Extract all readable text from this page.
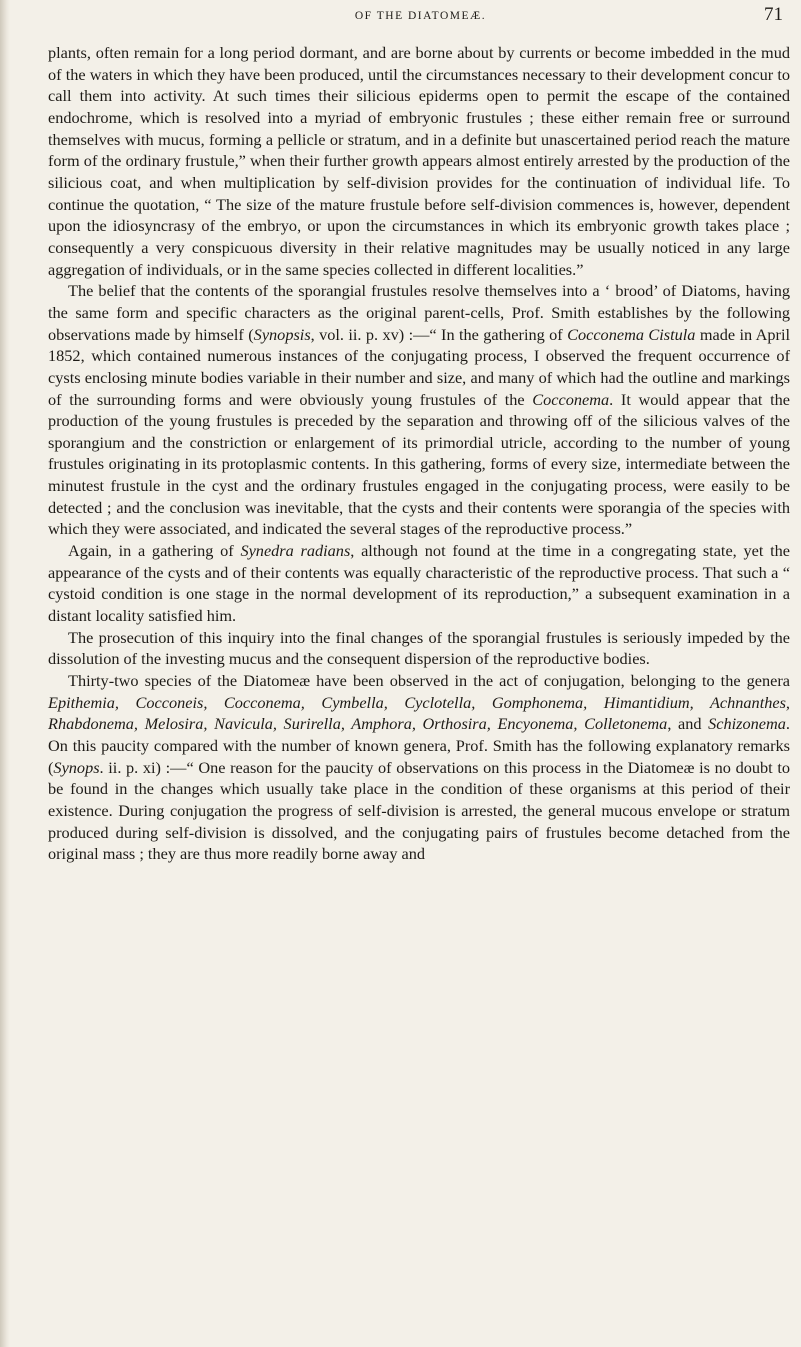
OF THE DIATOMEÆ.	71

plants, often remain for a long period dormant, and are borne about by currents or become imbedded in the mud of the waters in which they have been produced, until the circumstances necessary to their development concur to call them into activity. At such times their silicious epiderms open to permit the escape of the contained endochrome, which is resolved into a myriad of embryonic frustules ; these either remain free or surround themselves with mucus, forming a pellicle or stratum, and in a definite but unascertained period reach the mature form of the ordinary frustule,” when their further growth appears almost entirely arrested by the production of the silicious coat, and when multiplication by self-division provides for the continuation of individual life. To continue the quotation, “ The size of the mature frustule before self-division commences is, however, dependent upon the idiosyncrasy of the embryo, or upon the circumstances in which its embryonic growth takes place ; consequently a very conspicuous diversity in their relative magnitudes may be usually noticed in any large aggregation of individuals, or in the same species collected in different localities.”

The belief that the contents of the sporangial frustules resolve themselves into a ‘ brood’ of Diatoms, having the same form and specific characters as the original parent-cells, Prof. Smith establishes by the following observations made by himself (Synopsis, vol. ii. p. xv) :—“ In the gathering of Cocconema Cistula made in April 1852, which contained numerous instances of the conjugating process, I observed the frequent occurrence of cysts enclosing minute bodies variable in their number and size, and many of which had the outline and markings of the surrounding forms and were obviously young frustules of the Cocconema. It would appear that the production of the young frustules is preceded by the separation and throwing off of the silicious valves of the sporangium and the constriction or enlargement of its primordial utricle, according to the number of young frustules originating in its protoplasmic contents. In this gathering, forms of every size, intermediate between the minutest frustule in the cyst and the ordinary frustules engaged in the conjugating process, were easily to be detected ; and the conclusion was inevitable, that the cysts and their contents were sporangia of the species with which they were associated, and indicated the several stages of the reproductive process.”

Again, in a gathering of Synedra radians, although not found at the time in a congregating state, yet the appearance of the cysts and of their contents was equally characteristic of the reproductive process. That such a “ cystoid condition is one stage in the normal development of its reproduction,” a subsequent examination in a distant locality satisfied him.

The prosecution of this inquiry into the final changes of the sporangial frustules is seriously impeded by the dissolution of the investing mucus and the consequent dispersion of the reproductive bodies.

Thirty-two species of the Diatomeæ have been observed in the act of conjugation, belonging to the genera Epithemia, Cocconeis, Cocconema, Cymbella, Cyclotella, Gomphonema, Himantidium, Achnanthes, Rhabdonema, Melosira, Navicula, Surirella, Amphora, Orthosira, Encyonema, Colletonema, and Schizonema. On this paucity compared with the number of known genera, Prof. Smith has the following explanatory remarks (Synops. ii. p. xi) :—“ One reason for the paucity of observations on this process in the Diatomeæ is no doubt to be found in the changes which usually take place in the condition of these organisms at this period of their existence. During conjugation the progress of self-division is arrested, the general mucous envelope or stratum produced during self-division is dissolved, and the conjugating pairs of frustules become detached from the original mass ; they are thus more readily borne away and
